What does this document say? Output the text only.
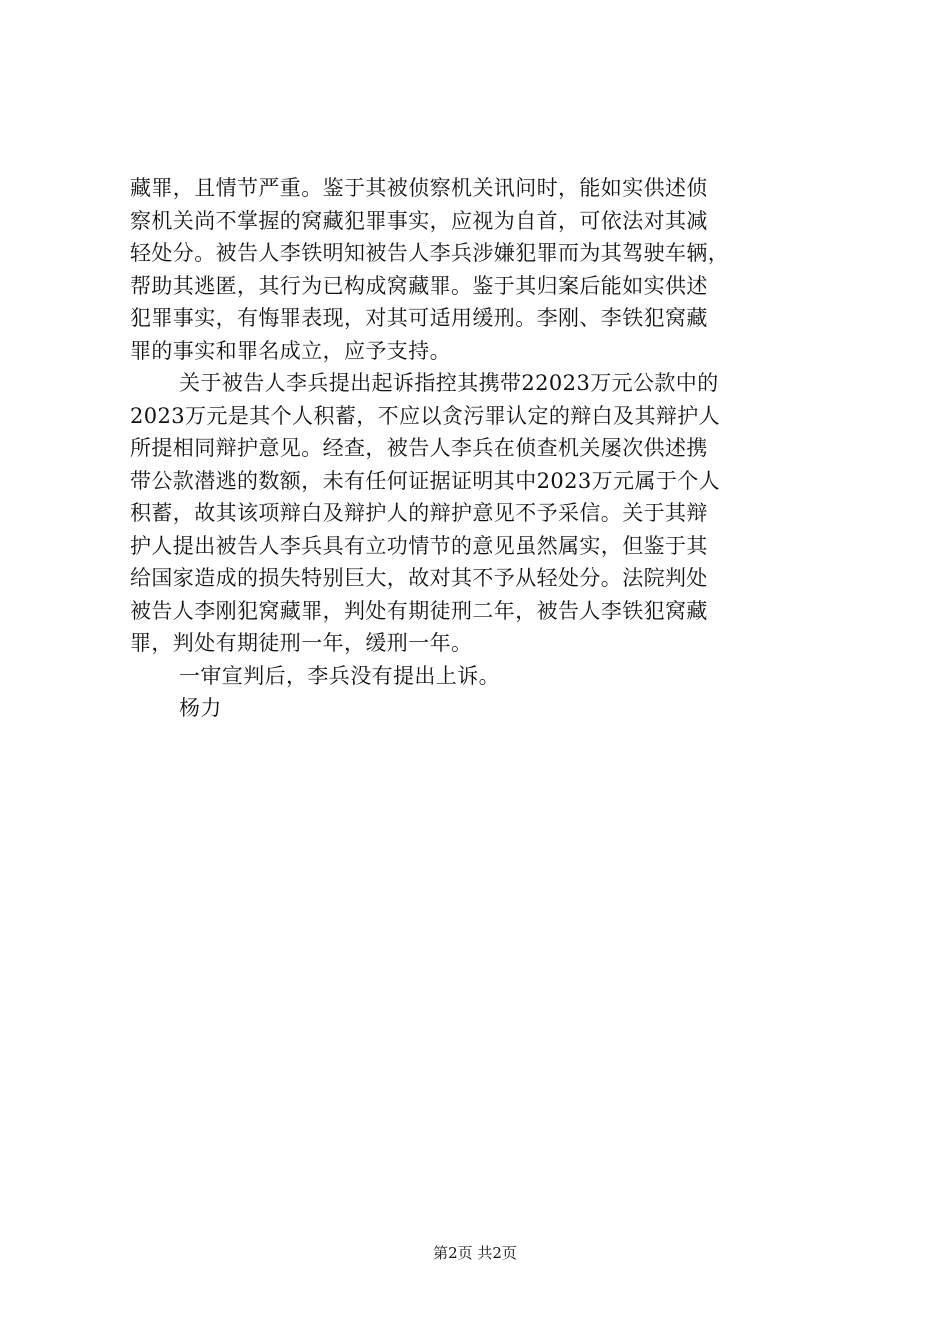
藏罪，且情节严重。鉴于其被侦察机关讯问时，能如实供述侦
察机关尚不掌握的窝藏犯罪事实，应视为自首，可依法对其减
轻处分。被告人李铁明知被告人李兵涉嫌犯罪而为其驾驶车辆，
帮助其逃匿，其行为已构成窝藏罪。鉴于其归案后能如实供述
犯罪事实，有悔罪表现，对其可适用缓刑。李刚、李铁犯窝藏
罪的事实和罪名成立，应予支持。
关于被告人李兵提出起诉指控其携带22023万元公款中的
2023万元是其个人积蓄，不应以贪污罪认定的辩白及其辩护人
所提相同辩护意见。经查，被告人李兵在侦查机关屡次供述携
带公款潜逃的数额，未有任何证据证明其中2023万元属于个人
积蓄，故其该项辩白及辩护人的辩护意见不予采信。关于其辩
护人提出被告人李兵具有立功情节的意见虽然属实，但鉴于其
给国家造成的损失特别巨大，故对其不予从轻处分。法院判处
被告人李刚犯窝藏罪，判处有期徒刑二年，被告人李铁犯窝藏
罪，判处有期徒刑一年，缓刑一年。
一审宣判后，李兵没有提出上诉。
杨力
第2页 共2页
